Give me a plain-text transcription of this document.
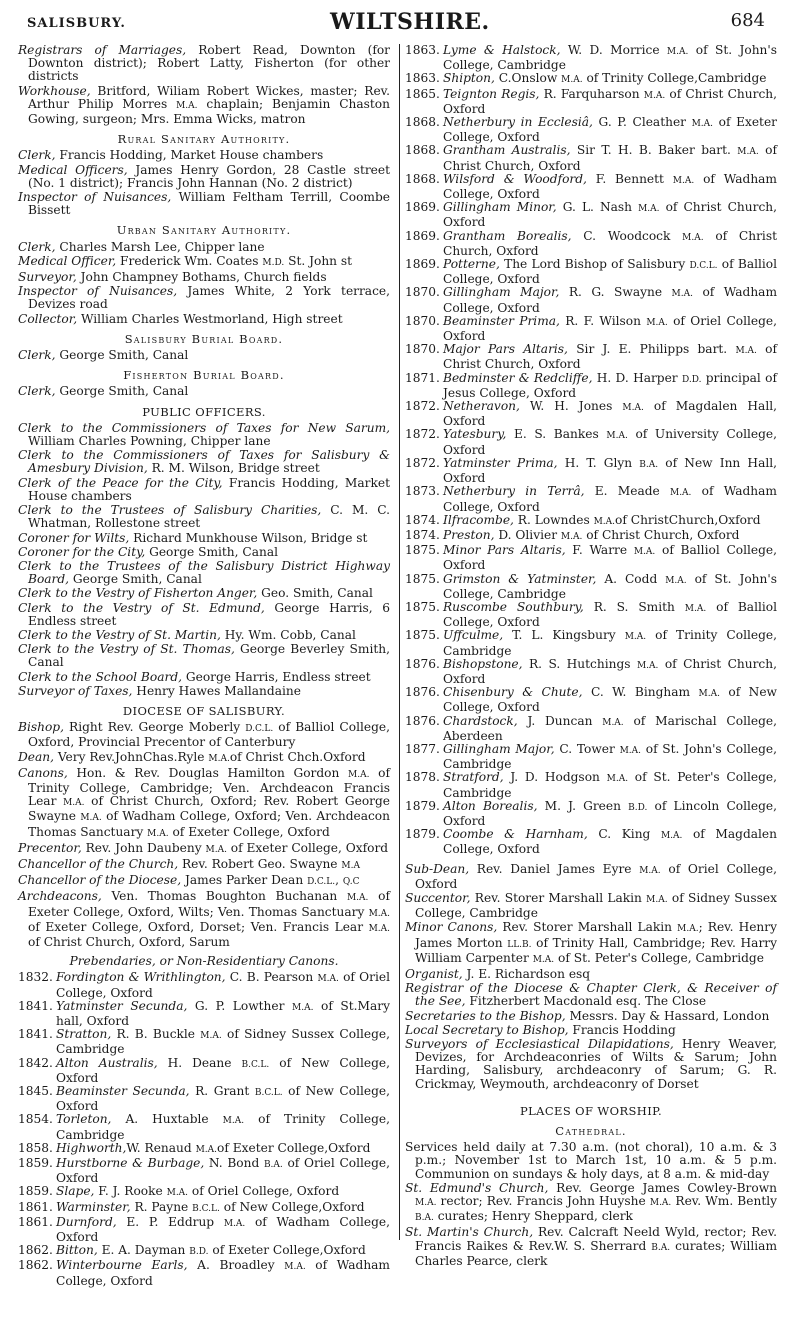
SALISBURY.	WILTSHIRE.	684
Registrars of Marriages, Robert Read, Downton (for Downton district); Robert Latty, Fisherton (for other districts
Workhouse, Britford, Wiliam Robert Wickes, master; Rev. Arthur Philip Morres M.A. chaplain; Benjamin Chaston Gowing, surgeon; Mrs. Emma Wicks, matron
Rural Sanitary Authority.
Clerk, Francis Hodding, Market House chambers
Medical Officers, James Henry Gordon, 28 Castle street (No. 1 district); Francis John Hannan (No. 2 district)
Inspector of Nuisances, William Feltham Terrill, Coombe Bissett
Urban Sanitary Authority.
Clerk, Charles Marsh Lee, Chipper lane
Medical Officer, Frederick Wm. Coates M.D. St. John st
Surveyor, John Champney Bothams, Church fields
Inspector of Nuisances, James White, 2 York terrace, Devizes road
Collector, William Charles Westmorland, High street
Salisbury Burial Board.
Clerk, George Smith, Canal
Fisherton Burial Board.
Clerk, George Smith, Canal
PUBLIC OFFICERS.
Clerk to the Commissioners of Taxes for New Sarum, William Charles Powning, Chipper lane
Clerk to the Commissioners of Taxes for Salisbury & Amesbury Division, R. M. Wilson, Bridge street
Clerk of the Peace for the City, Francis Hodding, Market House chambers
Clerk to the Trustees of Salisbury Charities, C. M. C. Whatman, Rollestone street
Coroner for Wilts, Richard Munkhouse Wilson, Bridge st
Coroner for the City, George Smith, Canal
Clerk to the Trustees of the Salisbury District Highway Board, George Smith, Canal
Clerk to the Vestry of Fisherton Anger, Geo. Smith, Canal
Clerk to the Vestry of St. Edmund, George Harris, 6 Endless street
Clerk to the Vestry of St. Martin, Hy. Wm. Cobb, Canal
Clerk to the Vestry of St. Thomas, George Beverley Smith, Canal
Clerk to the School Board, George Harris, Endless street
Surveyor of Taxes, Henry Hawes Mallandaine
DIOCESE OF SALISBURY.
Bishop, Right Rev. George Moberly D.C.L. of Balliol College, Oxford, Provincial Precentor of Canterbury
Dean, Very Rev.JohnChas.Ryle M.A.of Christ Chch.Oxford
Canons, Hon. & Rev. Douglas Hamilton Gordon M.A. of Trinity College, Cambridge; Ven. Archdeacon Francis Lear M.A. of Christ Church, Oxford; Rev. Robert George Swayne M.A. of Wadham College, Oxford; Ven. Archdeacon Thomas Sanctuary M.A. of Exeter College, Oxford
Precentor, Rev. John Daubeny M.A. of Exeter College, Oxford
Chancellor of the Church, Rev. Robert Geo. Swayne M.A
Chancellor of the Diocese, James Parker Dean D.C.L., Q.C
Archdeacons, Ven. Thomas Boughton Buchanan M.A. of Exeter College, Oxford, Wilts; Ven. Thomas Sanctuary M.A. of Exeter College, Oxford, Dorset; Ven. Francis Lear M.A. of Christ Church, Oxford, Sarum
Prebendaries, or Non-Residentiary Canons.
1832. Fordington & Writhlington, C. B. Pearson M.A. of Oriel College, Oxford
1841. Yatminster Secunda, G. P. Lowther M.A. of St.Mary hall, Oxford
1841. Stratton, R. B. Buckle M.A. of Sidney Sussex College, Cambridge
1842. Alton Australis, H. Deane B.C.L. of New College, Oxford
1845. Beaminster Secunda, R. Grant B.C.L. of New College, Oxford
1854. Torleton, A. Huxtable M.A. of Trinity College, Cambridge
1858. Highworth,W. Renaud M.A.of Exeter College,Oxford
1859. Hurstborne & Burbage, N. Bond B.A. of Oriel College, Oxford
1859. Slape, F. J. Rooke M.A. of Oriel College, Oxford
1861. Warminster, R. Payne B.C.L. of New College,Oxford
1861. Durnford, E. P. Eddrup M.A. of Wadham College, Oxford
1862. Bitton, E. A. Dayman B.D. of Exeter College,Oxford
1862. Winterbourne Earls, A. Broadley M.A. of Wadham College, Oxford
1863. Lyme & Halstock, W. D. Morrice M.A. of St. John's College, Cambridge
1863. Shipton, C.Onslow M.A. of Trinity College,Cambridge
1865. Teignton Regis, R. Farquharson M.A. of Christ Church, Oxford
1868. Netherbury in Ecclesiâ, G. P. Cleather M.A. of Exeter College, Oxford
1868. Grantham Australis, Sir T. H. B. Baker bart. M.A. of Christ Church, Oxford
1868. Wilsford & Woodford, F. Bennett M.A. of Wadham College, Oxford
1869. Gillingham Minor, G. L. Nash M.A. of Christ Church, Oxford
1869. Grantham Borealis, C. Woodcock M.A. of Christ Church, Oxford
1869. Potterne, The Lord Bishop of Salisbury D.C.L. of Balliol College, Oxford
1870. Gillingham Major, R. G. Swayne M.A. of Wadham College, Oxford
1870. Beaminster Prima, R. F. Wilson M.A. of Oriel College, Oxford
1870. Major Pars Altaris, Sir J. E. Philipps bart. M.A. of Christ Church, Oxford
1871. Bedminster & Redcliffe, H. D. Harper D.D. principal of Jesus College, Oxford
1872. Netheravon, W. H. Jones M.A. of Magdalen Hall, Oxford
1872. Yatesbury, E. S. Bankes M.A. of University College, Oxford
1872. Yatminster Prima, H. T. Glyn B.A. of New Inn Hall, Oxford
1873. Netherbury in Terrâ, E. Meade M.A. of Wadham College, Oxford
1874. Ilfracombe, R. Lowndes M.A.of ChristChurch,Oxford
1874. Preston, D. Olivier M.A. of Christ Church, Oxford
1875. Minor Pars Altaris, F. Warre M.A. of Balliol College, Oxford
1875. Grimston & Yatminster, A. Codd M.A. of St. John's College, Cambridge
1875. Ruscombe Southbury, R. S. Smith M.A. of Balliol College, Oxford
1875. Uffculme, T. L. Kingsbury M.A. of Trinity College, Cambridge
1876. Bishopstone, R. S. Hutchings M.A. of Christ Church, Oxford
1876. Chisenbury & Chute, C. W. Bingham M.A. of New College, Oxford
1876. Chardstock, J. Duncan M.A. of Marischal College, Aberdeen
1877. Gillingham Major, C. Tower M.A. of St. John's College, Cambridge
1878. Stratford, J. D. Hodgson M.A. of St. Peter's College, Cambridge
1879. Alton Borealis, M. J. Green B.D. of Lincoln College, Oxford
1879. Coombe & Harnham, C. King M.A. of Magdalen College, Oxford
Sub-Dean, Rev. Daniel James Eyre M.A. of Oriel College, Oxford
Succentor, Rev. Storer Marshall Lakin M.A. of Sidney Sussex College, Cambridge
Minor Canons, Rev. Storer Marshall Lakin M.A.; Rev. Henry James Morton LL.B. of Trinity Hall, Cambridge; Rev. Harry William Carpenter M.A. of St. Peter's College, Cambridge
Organist, J. E. Richardson esq
Registrar of the Diocese & Chapter Clerk, & Receiver of the See, Fitzherbert Macdonald esq. The Close
Secretaries to the Bishop, Messrs. Day & Hassard, London
Local Secretary to Bishop, Francis Hodding
Surveyors of Ecclesiastical Dilapidations, Henry Weaver, Devizes, for Archdeaconries of Wilts & Sarum; John Harding, Salisbury, archdeaconry of Sarum; G. R. Crickmay, Weymouth, archdeaconry of Dorset
PLACES OF WORSHIP.
Cathedral.
Services held daily at 7.30 a.m. (not choral), 10 a.m. & 3 p.m.; November 1st to March 1st, 10 a.m. & 5 p.m. Communion on sundays & holy days, at 8 a.m. & mid-day
St. Edmund's Church, Rev. George James Cowley-Brown M.A. rector; Rev. Francis John Huyshe M.A. Rev. Wm. Bently B.A. curates; Henry Sheppard, clerk
St. Martin's Church, Rev. Calcraft Neeld Wyld, rector; Rev. Francis Raikes & Rev.W. S. Sherrard B.A. curates; William Charles Pearce, clerk
